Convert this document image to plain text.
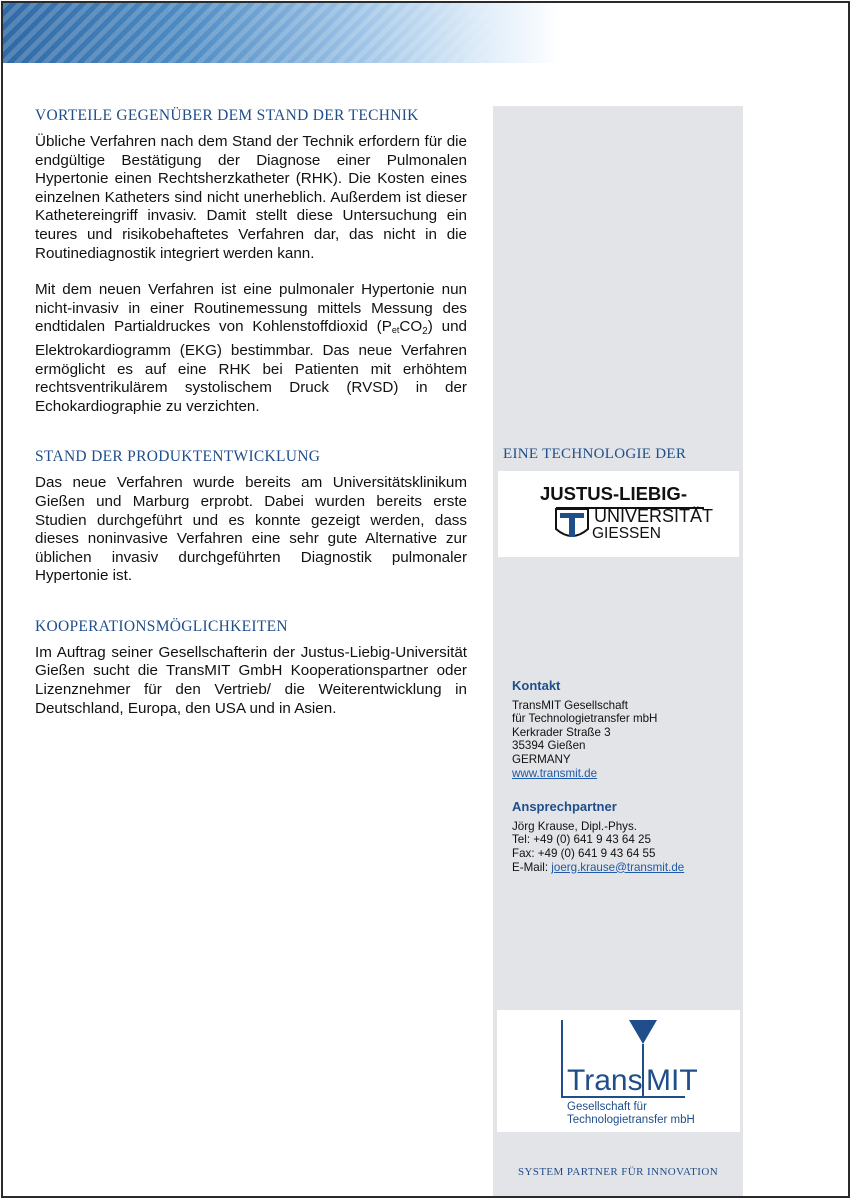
VORTEILE GEGENÜBER DEM STAND DER TECHNIK

Übliche Verfahren nach dem Stand der Technik erfordern für die endgültige Bestätigung der Diagnose einer Pulmonalen Hypertonie einen Rechtsherzkatheter (RHK). Die Kosten eines einzelnen Katheters sind nicht unerheblich. Außerdem ist dieser Kathetereingriff invasiv. Damit stellt diese Untersuchung ein teures und risikobehaftetes Verfahren dar, das nicht in die Routinediagnostik integriert werden kann.

Mit dem neuen Verfahren ist eine pulmonaler Hypertonie nun nicht-invasiv in einer Routinemessung mittels Messung des endtidalen Partialdruckes von Kohlenstoffdioxid $(P_{et}CO_2)$ und Elektrokardiogramm (EKG) bestimmbar. Das neue Verfahren ermöglicht es auf eine RHK bei Patienten mit erhöhtem rechtsventrikulärem systolischem Druck (RVSD) in der Echokardiographie zu verzichten.

STAND DER PRODUKTENTWICKLUNG

Das neue Verfahren wurde bereits am Universitätsklinikum Gießen und Marburg erprobt. Dabei wurden bereits erste Studien durchgeführt und es konnte gezeigt werden, dass dieses noninvasive Verfahren eine sehr gute Alternative zur üblichen invasiv durchgeführten Diagnostik pulmonaler Hypertonie ist.

KOOPERATIONSMÖGLICHKEITEN

Im Auftrag seiner Gesellschafterin der Justus-Liebig-Universität Gießen sucht die TransMIT GmbH Kooperationspartner oder Lizenznehmer für den Vertrieb/ die Weiterentwicklung in Deutschland, Europa, den USA und in Asien.

EINE TECHNOLOGIE DER
JUSTUS-LIEBIG-
UNIVERSITÄT
GIESSEN
Kontakt
TransMIT Gesellschaft
für Technologietransfer mbH
Kerkrader Straße 3
35394 Gießen
GERMANY
www.transmit.de
Ansprechpartner
Jörg Krause, Dipl.-Phys.
Tel: +49 (0) 641 9 43 64 25
Fax: +49 (0) 641 9 43 64 55
E-Mail: joerg.krause@transmit.de
Trans MIT
Gesellschaft für
Technologietransfer mbH
SYSTEM PARTNER FÜR INNOVATION
